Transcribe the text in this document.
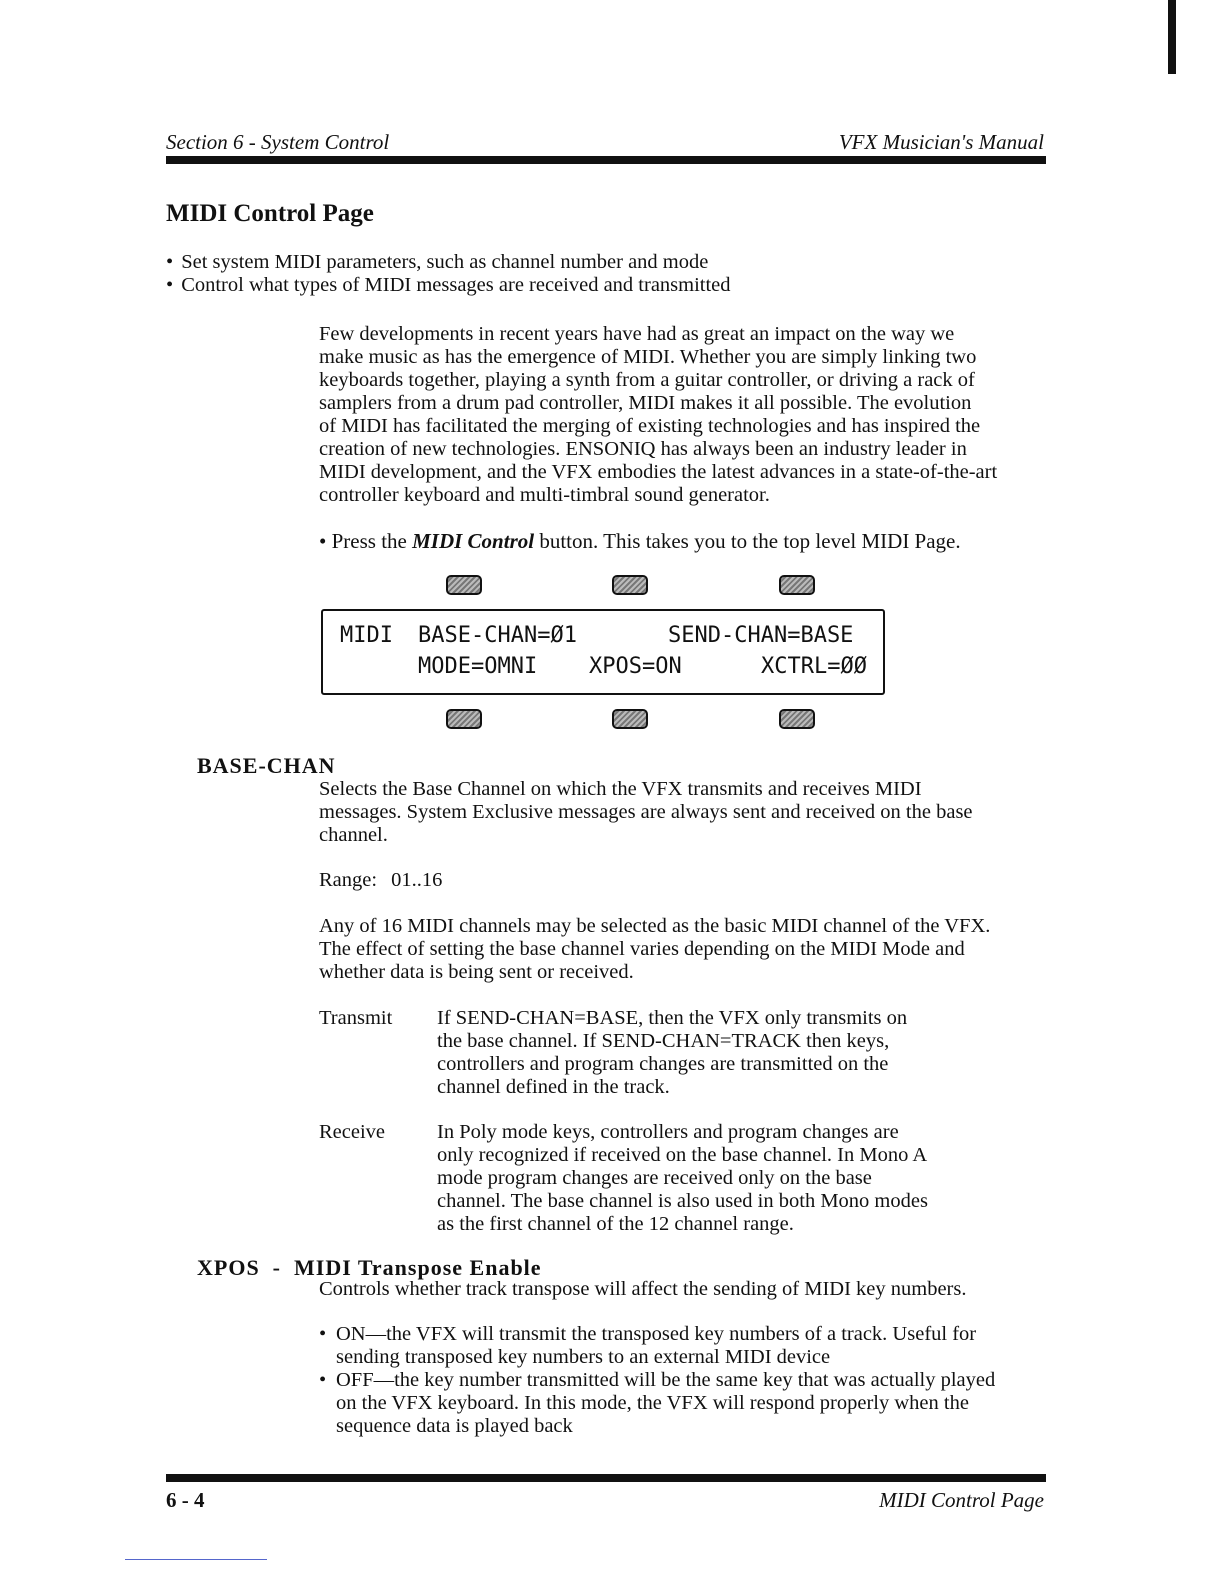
Section 6 - System Control	VFX Musician's Manual
MIDI Control Page
• Set system MIDI parameters, such as channel number and mode
• Control what types of MIDI messages are received and transmitted
Few developments in recent years have had as great an impact on the way we
make music as has the emergence of MIDI. Whether you are simply linking two
keyboards together, playing a synth from a guitar controller, or driving a rack of
samplers from a drum pad controller, MIDI makes it all possible. The evolution
of MIDI has facilitated the merging of existing technologies and has inspired the
creation of new technologies. ENSONIQ has always been an industry leader in
MIDI development, and the VFX embodies the latest advances in a state-of-the-art
controller keyboard and multi-timbral sound generator.
• Press the MIDI Control button. This takes you to the top level MIDI Page.
MIDI BASE-CHAN=Ø1	SEND-CHAN=BASE
MODE=OMNI XPOS=ON	XCTRL=ØØ
BASE-CHAN
Selects the Base Channel on which the VFX transmits and receives MIDI
messages. System Exclusive messages are always sent and received on the base
channel.
Range: 01..16
Any of 16 MIDI channels may be selected as the basic MIDI channel of the VFX.
The effect of setting the base channel varies depending on the MIDI Mode and
whether data is being sent or received.
Transmit If SEND-CHAN=BASE, then the VFX only transmits on
the base channel. If SEND-CHAN=TRACK then keys,
controllers and program changes are transmitted on the
channel defined in the track.
Receive	In Poly mode keys, controllers and program changes are
only recognized if received on the base channel. In Mono A
mode program changes are received only on the base
channel. The base channel is also used in both Mono modes
as the first channel of the 12 channel range.
XPOS  -  MIDI Transpose Enable
Controls whether track transpose will affect the sending of MIDI key numbers.
• ON—the VFX will transmit the transposed key numbers of a track. Useful for
sending transposed key numbers to an external MIDI device
• OFF—the key number transmitted will be the same key that was actually played
on the VFX keyboard. In this mode, the VFX will respond properly when the
sequence data is played back
6 - 4	MIDI Control Page
